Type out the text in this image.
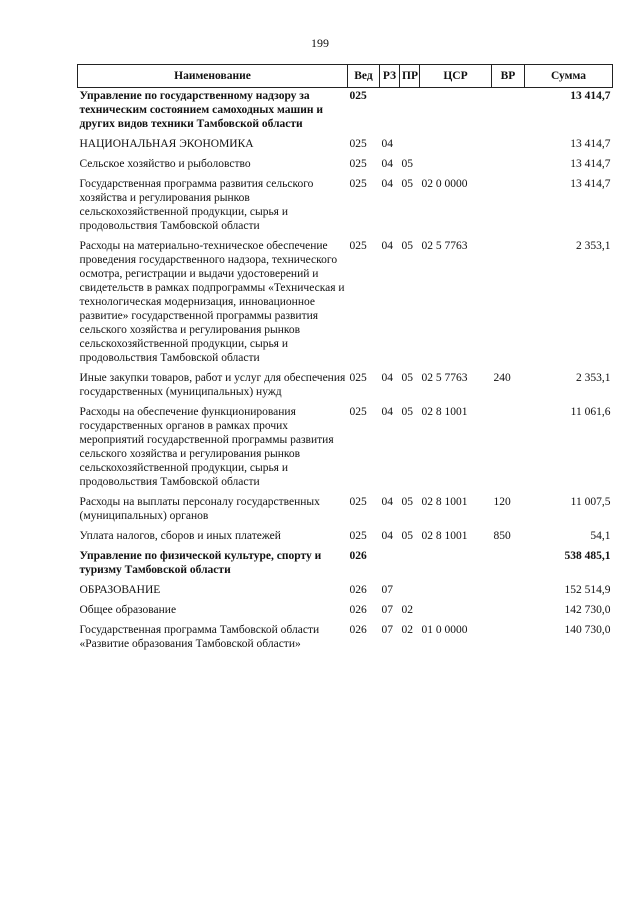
199
Наименование	Вед	РЗ	ПР	ЦСР	ВР	Сумма
Управление по государственному надзору за техническим состоянием самоходных машин и других видов техники Тамбовской области	025					13 414,7
НАЦИОНАЛЬНАЯ ЭКОНОМИКА	025	04				13 414,7
Сельское хозяйство и рыболовство	025	04	05			13 414,7
Государственная программа развития сельского хозяйства и регулирования рынков сельскохозяйственной продукции, сырья и продовольствия Тамбовской области	025	04	05	02 0 0000		13 414,7
Расходы на материально-техническое обеспечение проведения государственного надзора, технического осмотра, регистрации и выдачи удостоверений и свидетельств в рамках подпрограммы «Техническая и технологическая модернизация, инновационное развитие» государственной программы развития сельского хозяйства и регулирования рынков сельскохозяйственной продукции, сырья и продовольствия Тамбовской области	025	04	05	02 5 7763		2 353,1
Иные закупки товаров, работ и услуг для обеспечения государственных (муниципальных) нужд	025	04	05	02 5 7763	240	2 353,1
Расходы на обеспечение функционирования государственных органов в рамках прочих мероприятий государственной программы развития сельского хозяйства и регулирования рынков сельскохозяйственной продукции, сырья и продовольствия Тамбовской области	025	04	05	02 8 1001		11 061,6
Расходы на выплаты персоналу государственных (муниципальных) органов	025	04	05	02 8 1001	120	11 007,5
Уплата налогов, сборов и иных платежей	025	04	05	02 8 1001	850	54,1
Управление по физической культуре, спорту и туризму Тамбовской области	026					538 485,1
ОБРАЗОВАНИЕ	026	07				152 514,9
Общее образование	026	07	02			142 730,0
Государственная программа Тамбовской области «Развитие образования Тамбовской области»	026	07	02	01 0 0000		140 730,0
